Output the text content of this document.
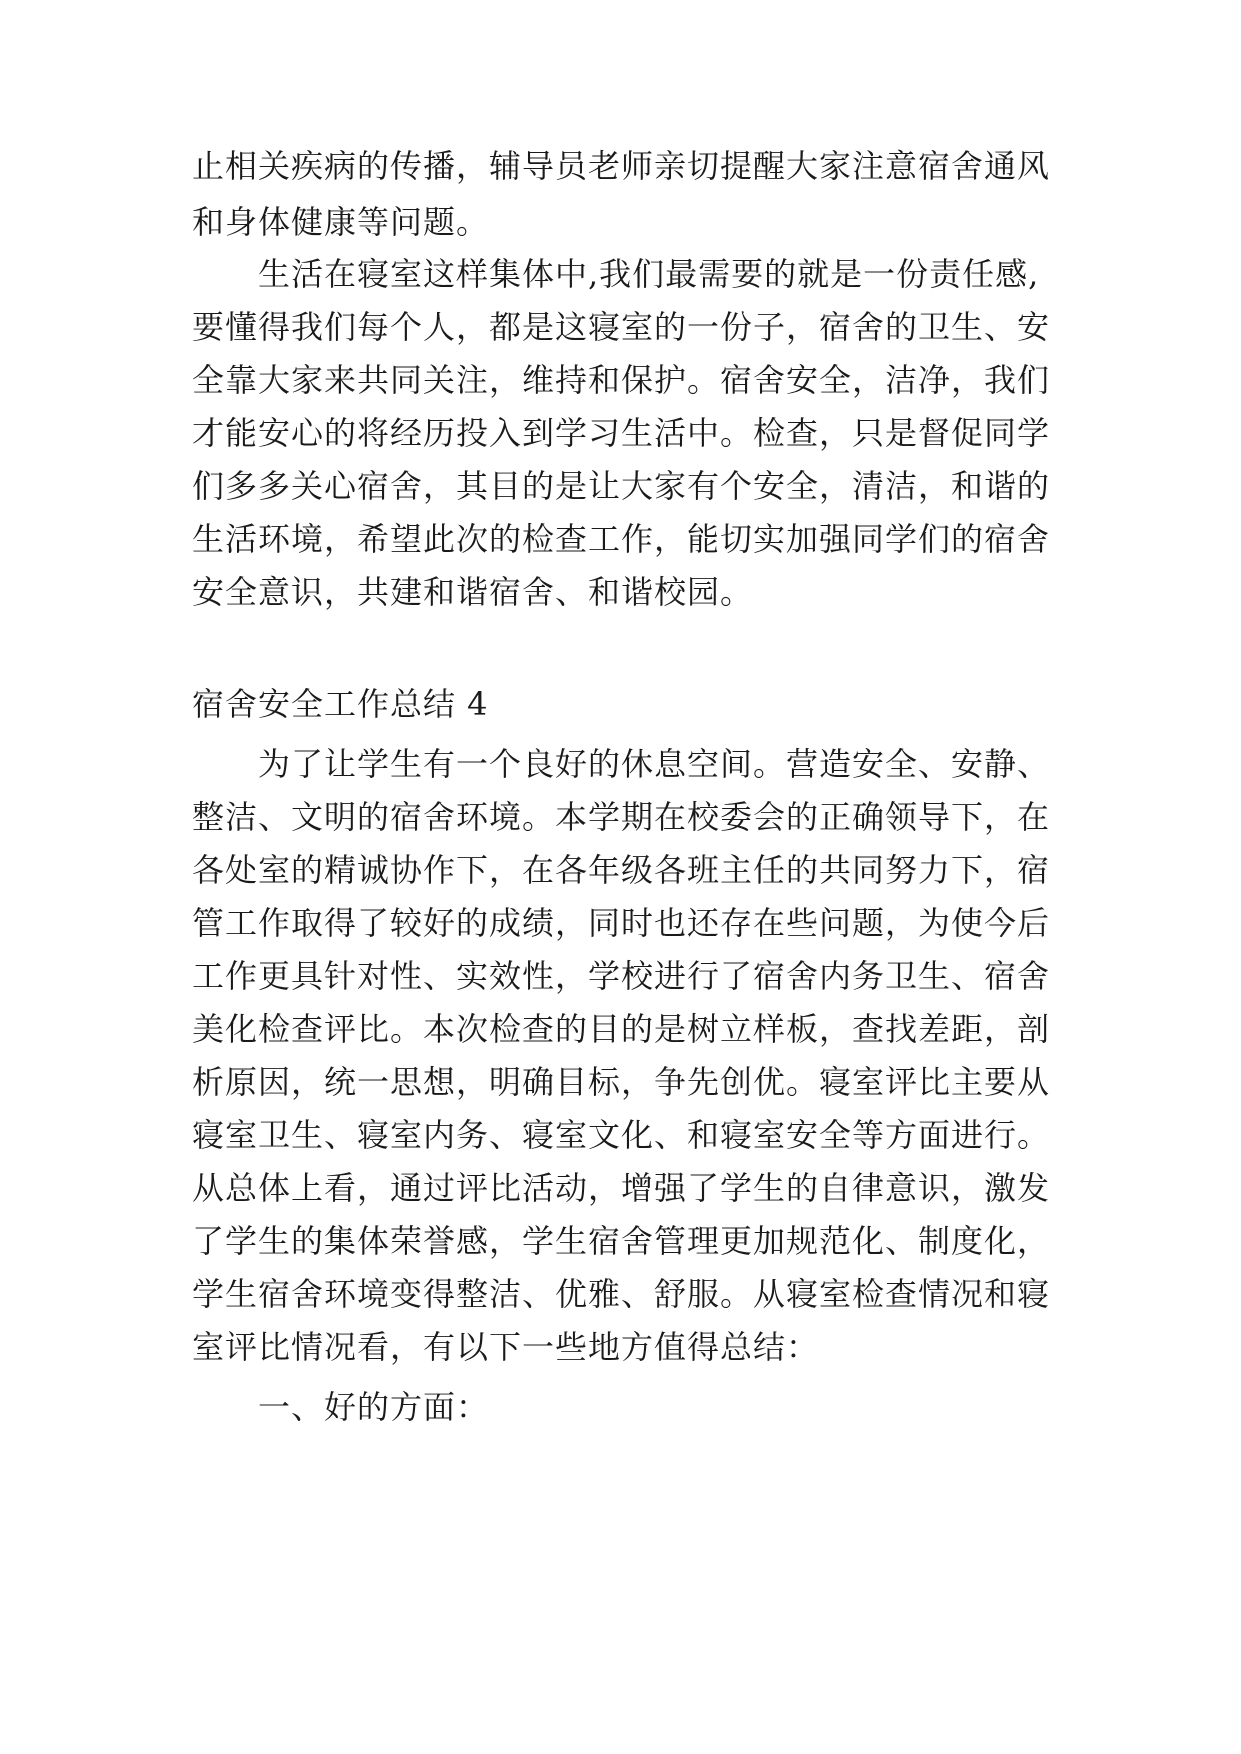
止相关疾病的传播，辅导员老师亲切提醒大家注意宿舍通风
和身体健康等问题。
生活在寝室这样集体中,我们最需要的就是一份责任感,
要懂得我们每个人，都是这寝室的一份子，宿舍的卫生、安
全靠大家来共同关注，维持和保护。宿舍安全，洁净，我们
才能安心的将经历投入到学习生活中。检查，只是督促同学
们多多关心宿舍，其目的是让大家有个安全，清洁，和谐的
生活环境，希望此次的检查工作，能切实加强同学们的宿舍
安全意识，共建和谐宿舍、和谐校园。
宿舍安全工作总结 4
为了让学生有一个良好的休息空间。营造安全、安静、
整洁、文明的宿舍环境。本学期在校委会的正确领导下，在
各处室的精诚协作下，在各年级各班主任的共同努力下，宿
管工作取得了较好的成绩，同时也还存在些问题，为使今后
工作更具针对性、实效性，学校进行了宿舍内务卫生、宿舍
美化检查评比。本次检查的目的是树立样板，查找差距，剖
析原因，统一思想，明确目标，争先创优。寝室评比主要从
寝室卫生、寝室内务、寝室文化、和寝室安全等方面进行。
从总体上看，通过评比活动，增强了学生的自律意识，激发
了学生的集体荣誉感，学生宿舍管理更加规范化、制度化，
学生宿舍环境变得整洁、优雅、舒服。从寝室检查情况和寝
室评比情况看，有以下一些地方值得总结：
一、好的方面：
